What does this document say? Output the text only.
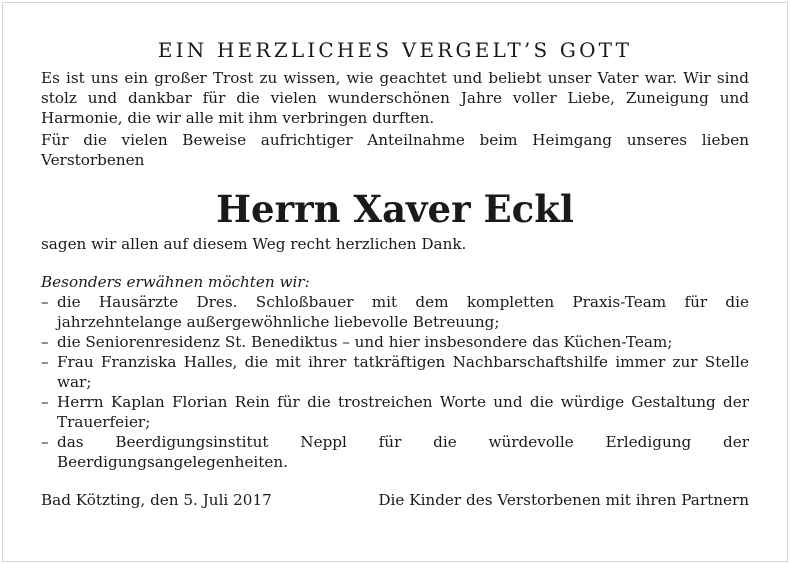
EIN HERZLICHES VERGELT’S GOTT
Es ist uns ein großer Trost zu wissen, wie geachtet und beliebt unser Vater war. Wir sind stolz und dankbar für die vielen wunderschönen Jahre voller Liebe, Zuneigung und Harmonie, die wir alle mit ihm verbringen durften.
Für die vielen Beweise aufrichtiger Anteilnahme beim Heimgang unseres lieben Verstorbenen
Herrn Xaver Eckl
sagen wir allen auf diesem Weg recht herzlichen Dank.
Besonders erwähnen möchten wir:
– die Hausärzte Dres. Schloßbauer mit dem kompletten Praxis-Team für die jahrzehntelange außergewöhnliche liebevolle Betreuung;
– die Seniorenresidenz St. Benediktus – und hier insbesondere das Küchen-Team;
– Frau Franziska Halles, die mit ihrer tatkräftigen Nachbarschaftshilfe immer zur Stelle war;
– Herrn Kaplan Florian Rein für die trostreichen Worte und die würdige Gestaltung der Trauerfeier;
– das Beerdigungsinstitut Neppl für die würdevolle Erledigung der Beerdigungsangelegenheiten.
Bad Kötzting, den 5. Juli 2017	Die Kinder des Verstorbenen mit ihren Partnern
